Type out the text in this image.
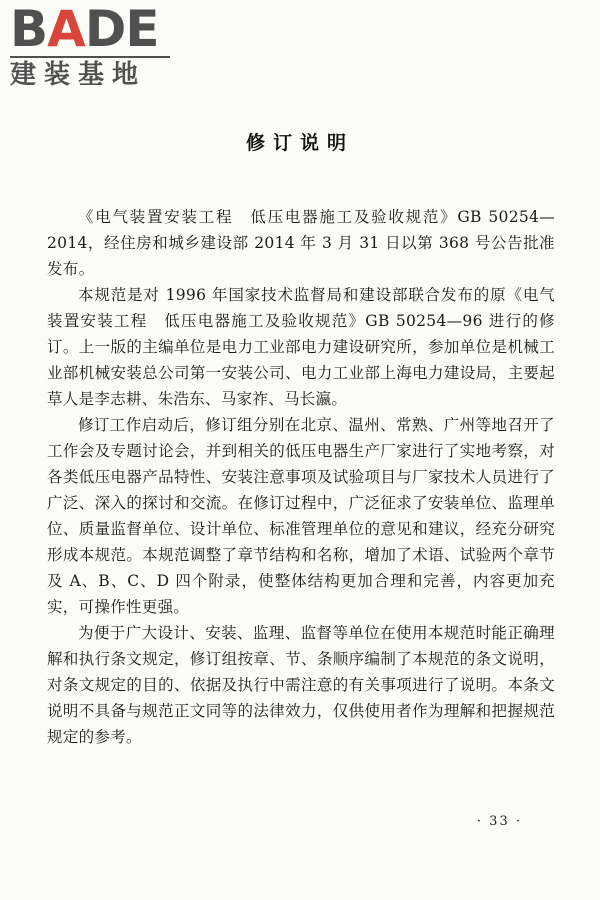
BADE
建装基地
修订说明

《电气装置安装工程　低压电器施工及验收规范》GB 50254—2014，经住房和城乡建设部 2014 年 3 月 31 日以第 368 号公告批准发布。

本规范是对 1996 年国家技术监督局和建设部联合发布的原《电气装置安装工程　低压电器施工及验收规范》GB 50254—96 进行的修订。上一版的主编单位是电力工业部电力建设研究所，参加单位是机械工业部机械安装总公司第一安装公司、电力工业部上海电力建设局，主要起草人是李志耕、朱浩东、马家祚、马长瀛。

修订工作启动后，修订组分别在北京、温州、常熟、广州等地召开了工作会及专题讨论会，并到相关的低压电器生产厂家进行了实地考察，对各类低压电器产品特性、安装注意事项及试验项目与厂家技术人员进行了广泛、深入的探讨和交流。在修订过程中，广泛征求了安装单位、监理单位、质量监督单位、设计单位、标准管理单位的意见和建议，经充分研究形成本规范。本规范调整了章节结构和名称，增加了术语、试验两个章节及 A、B、C、D 四个附录，使整体结构更加合理和完善，内容更加充实，可操作性更强。

为便于广大设计、安装、监理、监督等单位在使用本规范时能正确理解和执行条文规定，修订组按章、节、条顺序编制了本规范的条文说明，对条文规定的目的、依据及执行中需注意的有关事项进行了说明。本条文说明不具备与规范正文同等的法律效力，仅供使用者作为理解和把握规范规定的参考。

· 33 ·
